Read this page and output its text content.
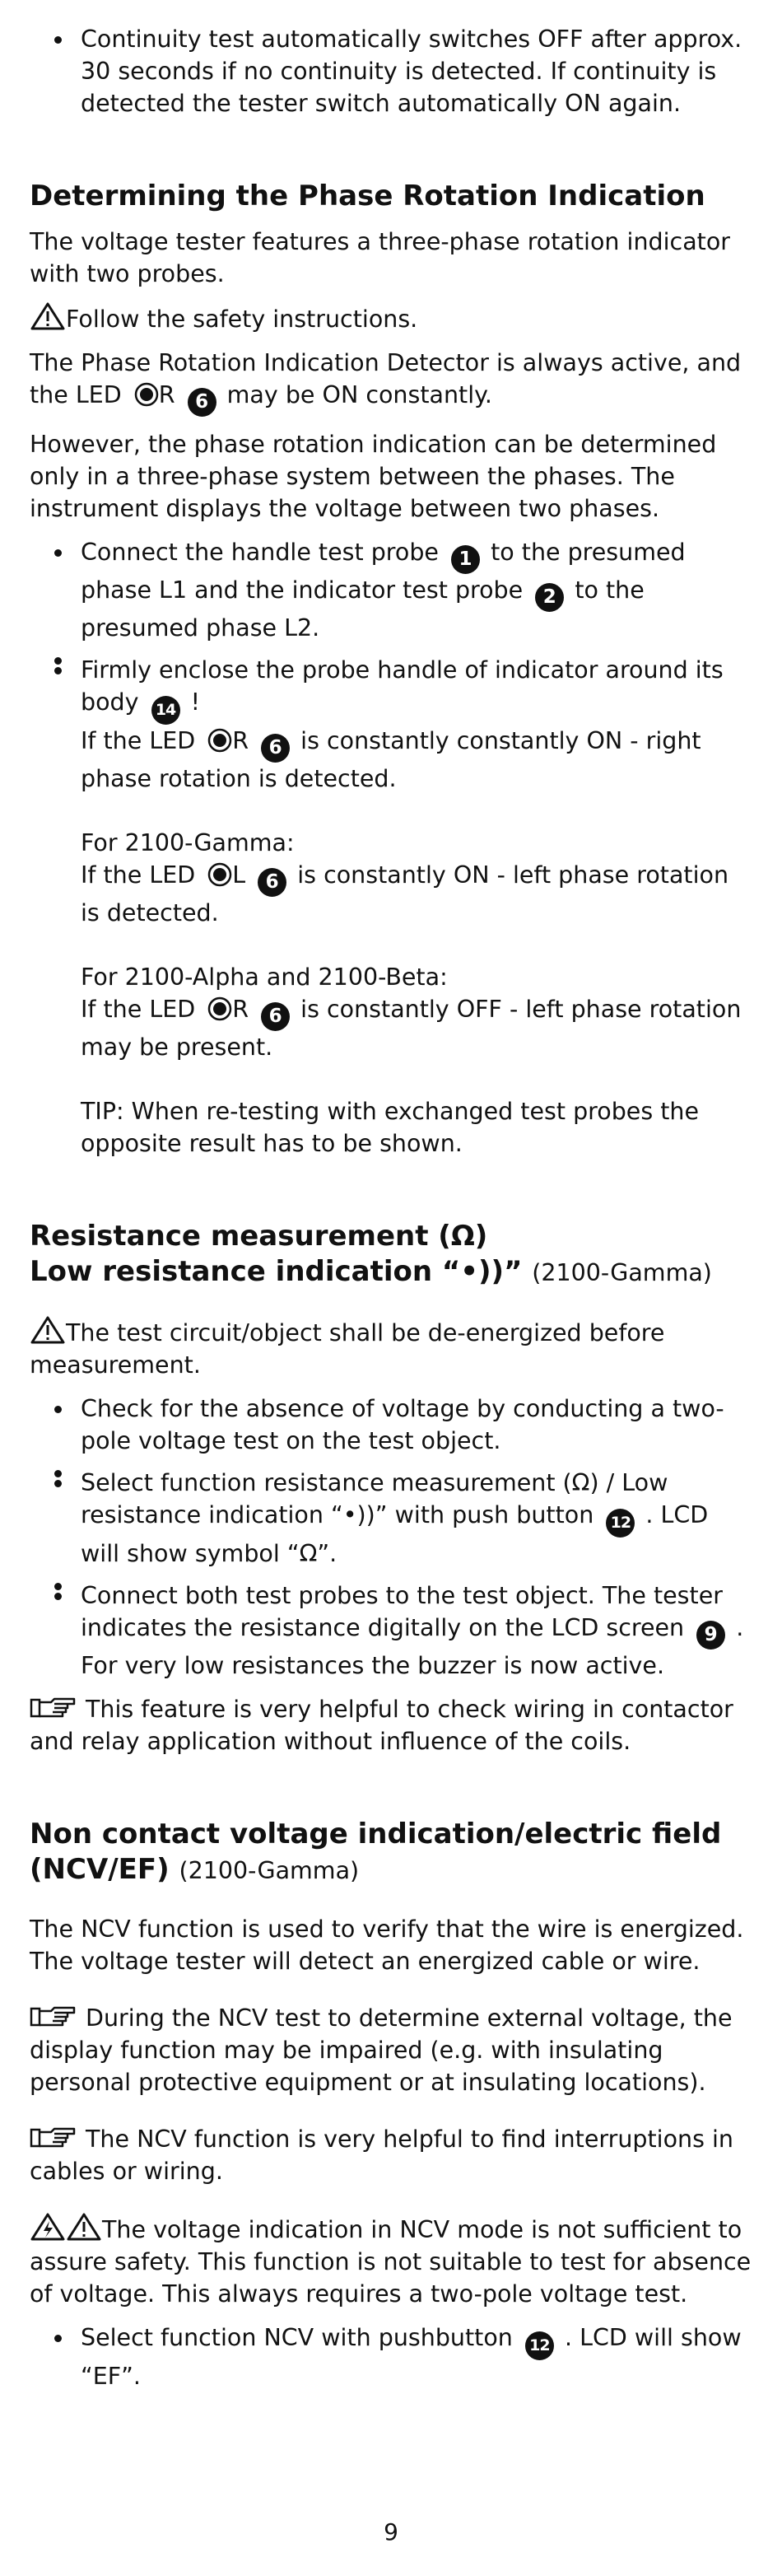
Continuity test automatically switches OFF after approx. 30 seconds if no continuity is detected. If continuity is detected the tester switch automatically ON again.
Determining the Phase Rotation Indication

The voltage tester features a three-phase rotation indicator with two probes.

Follow the safety instructions.

The Phase Rotation Indication Detector is always active, and the LED R 6 may be ON constantly.

However, the phase rotation indication can be determined only in a three-phase system between the phases. The instrument displays the voltage between two phases.

Connect the handle test probe 1 to the presumed phase L1 and the indicator test probe 2 to the presumed phase L2.
Firmly enclose the probe handle of indicator around its body 14 !
If the LED R 6 is constantly constantly ON - right phase rotation is detected.
For 2100-Gamma:
If the LED L 6 is constantly ON - left phase rotation is detected.
For 2100-Alpha and 2100-Beta:
If the LED R 6 is constantly OFF - left phase rotation may be present.
TIP: When re-testing with exchanged test probes the opposite result has to be shown.
Resistance measurement (Ω)
Low resistance indication “•))” (2100-Gamma)

The test circuit/object shall be de-energized before measurement.

Check for the absence of voltage by conducting a two-pole voltage test on the test object.
Select function resistance measurement (Ω) / Low resistance indication “•))” with push button 12 . LCD will show symbol “Ω”.
Connect both test probes to the test object. The tester indicates the resistance digitally on the LCD screen 9 . For very low resistances the buzzer is now active.

This feature is very helpful to check wiring in contactor and relay application without influence of the coils.

Non contact voltage indication/electric field
(NCV/EF) (2100-Gamma)

The NCV function is used to verify that the wire is energized. The voltage tester will detect an energized cable or wire.

During the NCV test to determine external voltage, the display function may be impaired (e.g. with insulating personal protective equipment or at insulating locations).

The NCV function is very helpful to find interruptions in cables or wiring.

The voltage indication in NCV mode is not sufficient to assure safety. This function is not suitable to test for absence of voltage. This always requires a two-pole voltage test.

Select function NCV with pushbutton 12 . LCD will show “EF”.
9
